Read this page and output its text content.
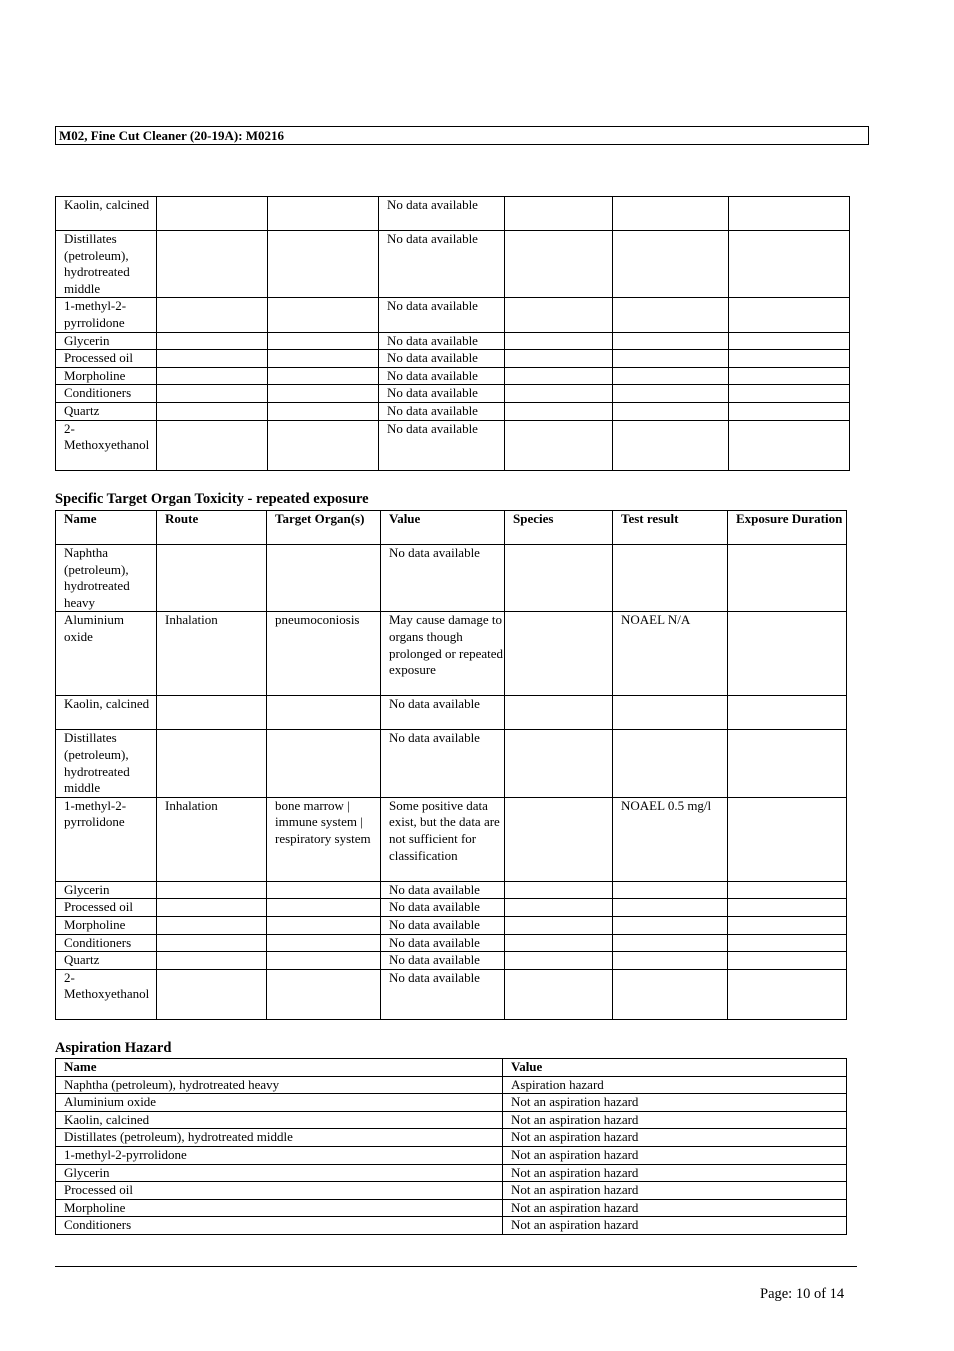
M02, Fine Cut Cleaner (20-19A): M0216
Kaolin, calcined			No data available			
Distillates (petroleum), hydrotreated middle			No data available			
1-methyl-2-pyrrolidone			No data available			
Glycerin			No data available			
Processed oil			No data available			
Morpholine			No data available			
Conditioners			No data available			
Quartz			No data available			
2-Methoxyethanol			No data available			
Specific Target Organ Toxicity - repeated exposure
Name	Route	Target Organ(s)	Value	Species	Test result	Exposure Duration
Naphtha (petroleum), hydrotreated heavy			No data available			
Aluminium oxide	Inhalation	pneumoconiosis	May cause damage to organs though prolonged or repeated exposure		NOAEL N/A	
Kaolin, calcined			No data available			
Distillates (petroleum), hydrotreated middle			No data available			
1-methyl-2-pyrrolidone	Inhalation	bone marrow | immune system | respiratory system	Some positive data exist, but the data are not sufficient for classification		NOAEL 0.5 mg/l	
Glycerin			No data available			
Processed oil			No data available			
Morpholine			No data available			
Conditioners			No data available			
Quartz			No data available			
2-Methoxyethanol			No data available			
Aspiration Hazard
Name	Value
Naphtha (petroleum), hydrotreated heavy	Aspiration hazard
Aluminium oxide	Not an aspiration hazard
Kaolin, calcined	Not an aspiration hazard
Distillates (petroleum), hydrotreated middle	Not an aspiration hazard
1-methyl-2-pyrrolidone	Not an aspiration hazard
Glycerin	Not an aspiration hazard
Processed oil	Not an aspiration hazard
Morpholine	Not an aspiration hazard
Conditioners	Not an aspiration hazard
Page: 10 of 14
